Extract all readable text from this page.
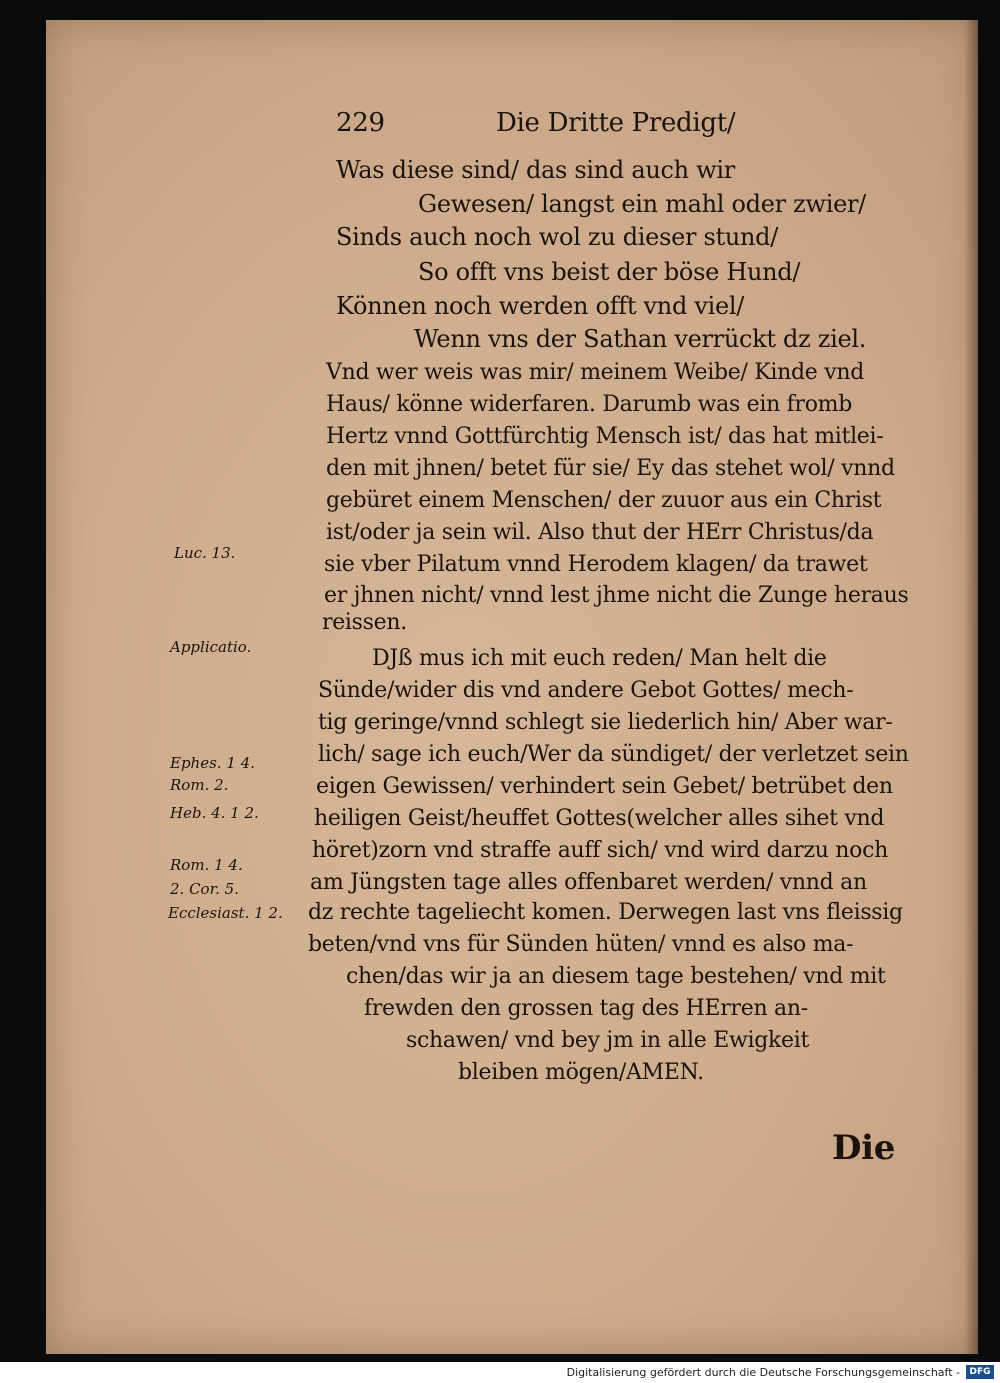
229	Die Dritte Predigt/
Was diese sind/ das sind auch wir
Gewesen/ langst ein mahl oder zwier/
Sinds auch noch wol zu dieser stund/
So offt vns beist der böse Hund/
Können noch werden offt vnd viel/
Wenn vns der Sathan verrückt dz ziel.
Vnd wer weis was mir/ meinem Weibe/ Kinde vnd
Haus/ könne widerfaren. Darumb was ein fromb
Hertz vnnd Gottfürchtig Mensch ist/ das hat mitlei-
den mit jhnen/ betet für sie/ Ey das stehet wol/ vnnd
gebüret einem Menschen/ der zuuor aus ein Christ
ist/oder ja sein wil. Also thut der HErr Christus/da
sie vber Pilatum vnnd Herodem klagen/ da trawet
er jhnen nicht/ vnnd lest jhme nicht die Zunge heraus
reissen.
DJß mus ich mit euch reden/ Man helt die
Sünde/wider dis vnd andere Gebot Gottes/ mech-
tig geringe/vnnd schlegt sie liederlich hin/ Aber war-
lich/ sage ich euch/Wer da sündiget/ der verletzet sein
eigen Gewissen/ verhindert sein Gebet/ betrübet den
heiligen Geist/heuffet Gottes(welcher alles sihet vnd
höret)zorn vnd straffe auff sich/ vnd wird darzu noch
am Jüngsten tage alles offenbaret werden/ vnnd an
dz rechte tageliecht komen. Derwegen last vns fleissig
beten/vnd vns für Sünden hüten/ vnnd es also ma-
chen/das wir ja an diesem tage bestehen/ vnd mit
frewden den grossen tag des HErren an-
schawen/ vnd bey jm in alle Ewigkeit
bleiben mögen/AMEN.
Luc. 13.
Applicatio.
Ephes. 1 4.
Rom. 2.
Heb. 4. 1 2.
Rom. 1 4.
2. Cor. 5.
Ecclesiast. 1 2.
Die
Digitalisierung gefördert durch die Deutsche Forschungsgemeinschaft -	DFG
